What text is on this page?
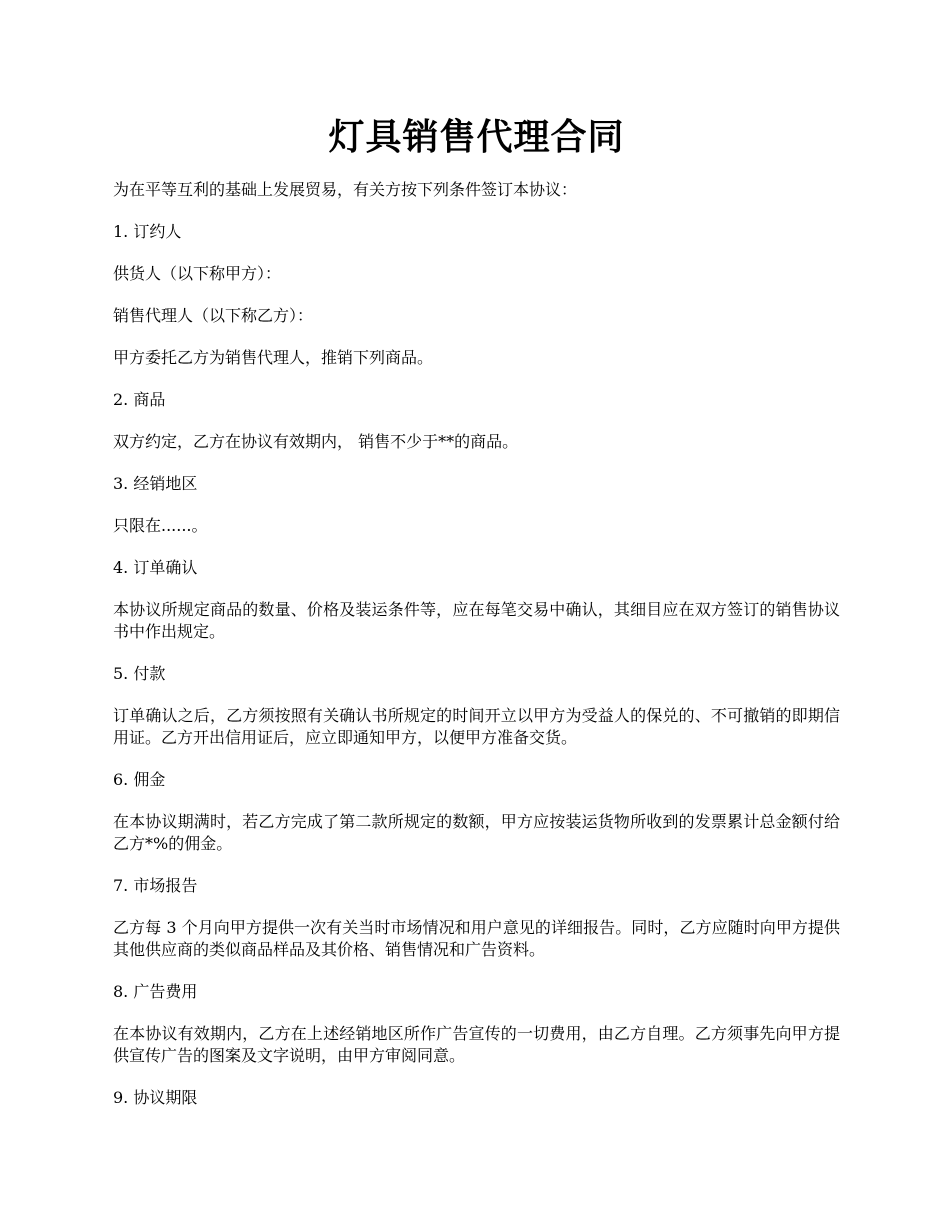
灯具销售代理合同

为在平等互利的基础上发展贸易，有关方按下列条件签订本协议：

1. 订约人

供货人（以下称甲方）：

销售代理人（以下称乙方）：

甲方委托乙方为销售代理人，推销下列商品。

2. 商品

双方约定，乙方在协议有效期内， 销售不少于**的商品。

3. 经销地区

只限在......。

4. 订单确认

本协议所规定商品的数量、价格及装运条件等，应在每笔交易中确认，其细目应在双方签订的销售协议书中作出规定。

5. 付款

订单确认之后，乙方须按照有关确认书所规定的时间开立以甲方为受益人的保兑的、不可撤销的即期信用证。乙方开出信用证后，应立即通知甲方，以便甲方准备交货。

6. 佣金

在本协议期满时，若乙方完成了第二款所规定的数额，甲方应按装运货物所收到的发票累计总金额付给乙方*%的佣金。

7. 市场报告

乙方每 3 个月向甲方提供一次有关当时市场情况和用户意见的详细报告。同时，乙方应随时向甲方提供其他供应商的类似商品样品及其价格、销售情况和广告资料。

8. 广告费用

在本协议有效期内，乙方在上述经销地区所作广告宣传的一切费用，由乙方自理。乙方须事先向甲方提供宣传广告的图案及文字说明，由甲方审阅同意。

9. 协议期限
